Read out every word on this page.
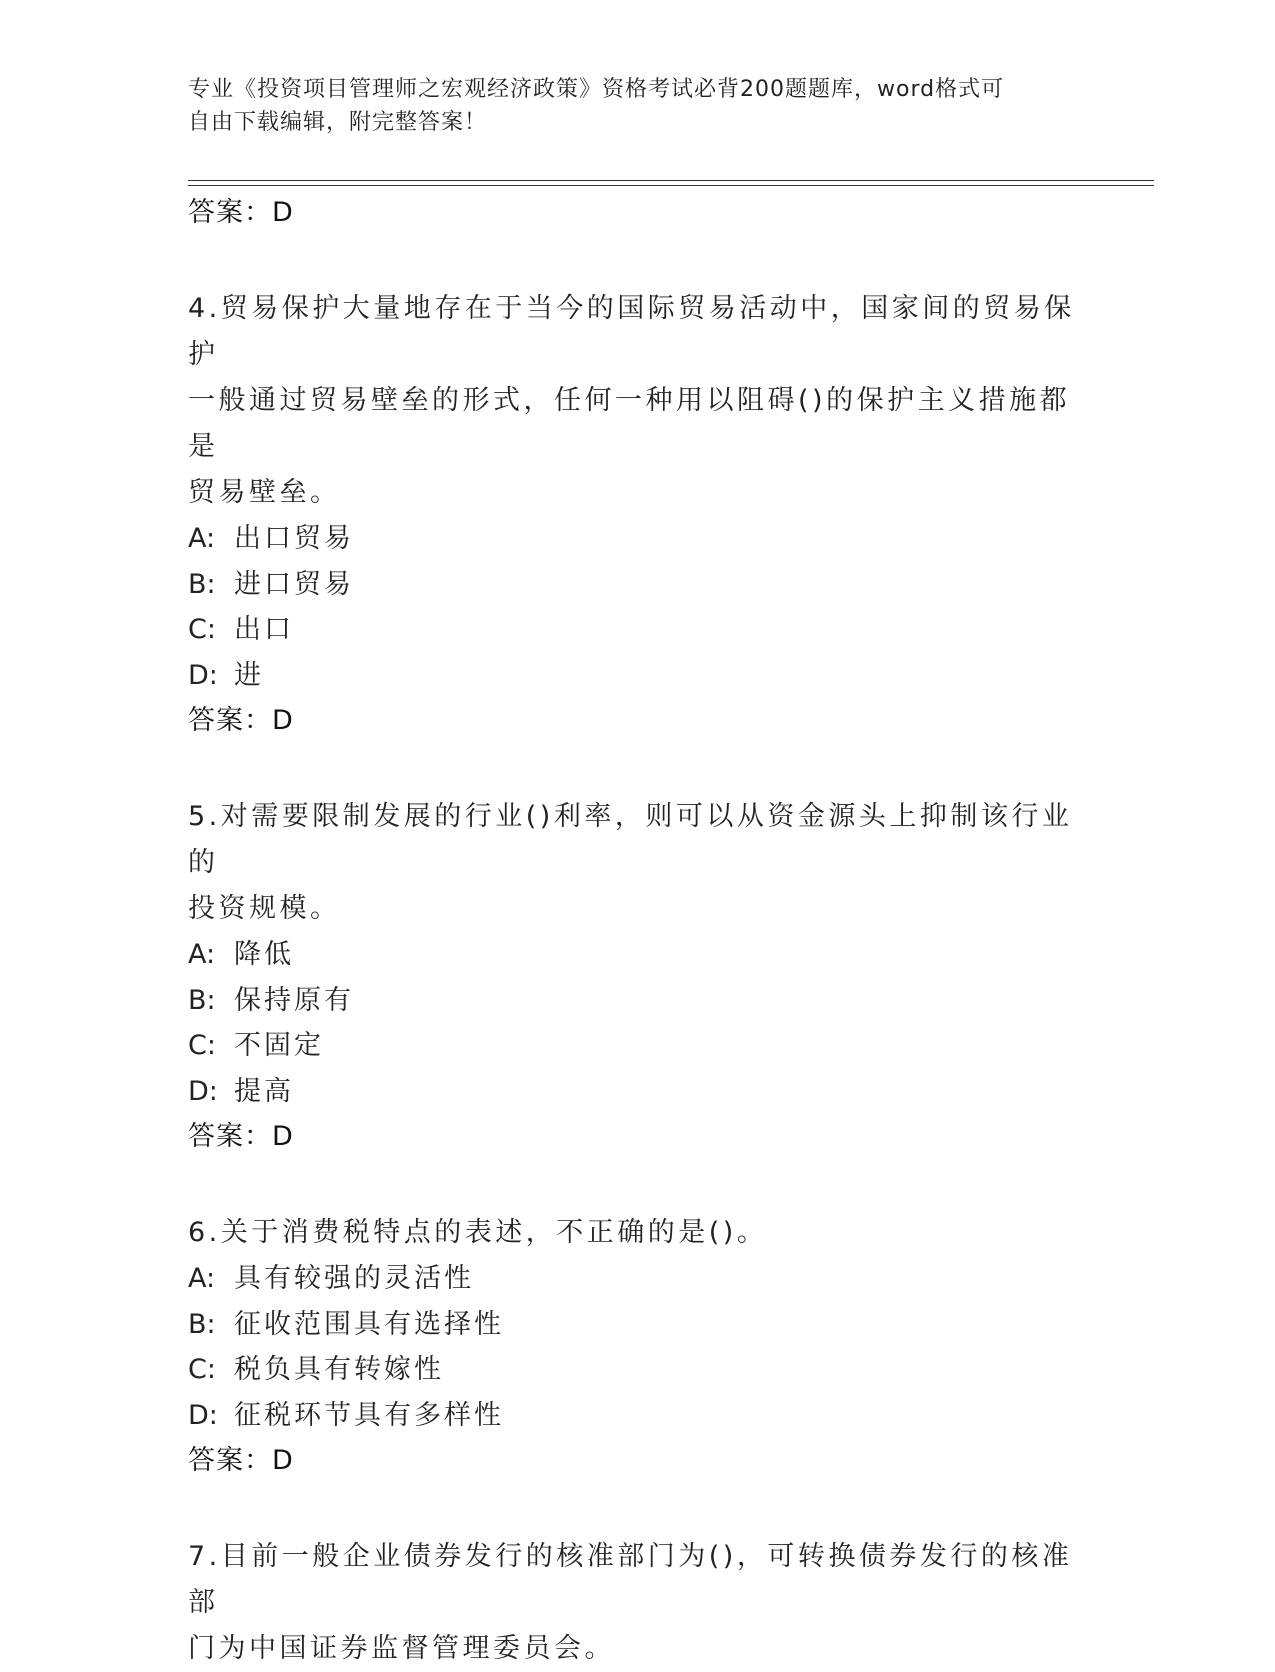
专业《投资项目管理师之宏观经济政策》资格考试必背200题题库，word格式可
自由下载编辑，附完整答案！
答案：D
4.贸易保护大量地存在于当今的国际贸易活动中，国家间的贸易保护
一般通过贸易壁垒的形式，任何一种用以阻碍()的保护主义措施都是
贸易壁垒。
A: 出口贸易
B: 进口贸易
C: 出口
D: 进
答案：D
5.对需要限制发展的行业()利率，则可以从资金源头上抑制该行业的
投资规模。
A: 降低
B: 保持原有
C: 不固定
D: 提高
答案：D
6.关于消费税特点的表述，不正确的是()。
A: 具有较强的灵活性
B: 征收范围具有选择性
C: 税负具有转嫁性
D: 征税环节具有多样性
答案：D
7.目前一般企业债券发行的核准部门为()，可转换债券发行的核准部
门为中国证券监督管理委员会。
